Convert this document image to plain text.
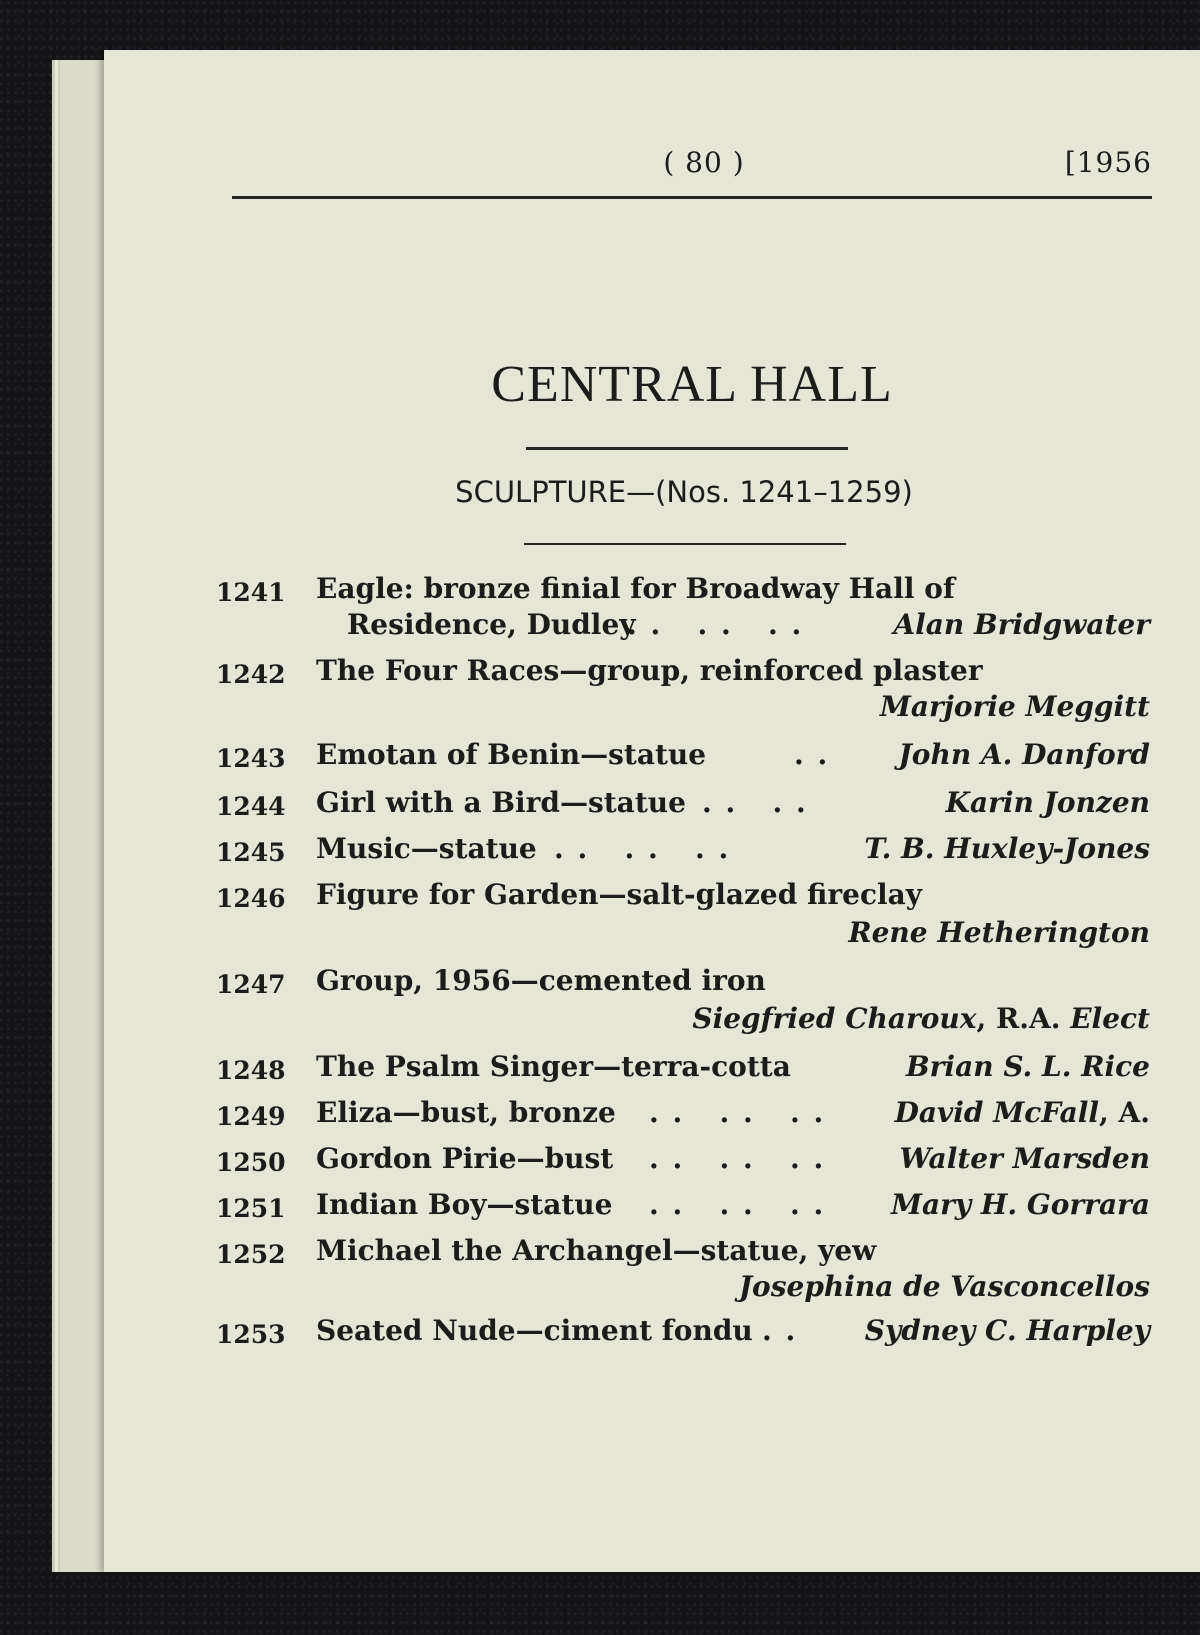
( 80 )	[1956
CENTRAL HALL
SCULPTURE—(Nos. 1241–1259)
1241	Eagle: bronze finial for Broadway Hall of
Residence, Dudley
. .   . .   . .	Alan Bridgwater
1242	The Four Races—group, reinforced plaster
Marjorie Meggitt
1243	Emotan of Benin—statue	. . John A. Danford
1244	Girl with a Bird—statue . .   . .	Karin Jonzen
1245	Music—statue . .   . .   . .	T. B. Huxley-Jones
1246	Figure for Garden—salt-glazed fireclay
Rene Hetherington
1247	Group, 1956—cemented iron
Siegfried Charoux, R.A. Elect
1248	The Psalm Singer—terra-cotta	Brian S. L. Rice
1249	Eliza—bust, bronze . .   . .   . . David McFall, A.
1250	Gordon Pirie—bust . .   . .   . .	Walter Marsden
1251	Indian Boy—statue . .   . .   . . Mary H. Gorrara
1252	Michael the Archangel—statue, yew
Josephina de Vasconcellos
1253	Seated Nude—ciment fondu . . Sydney C. Harpley
